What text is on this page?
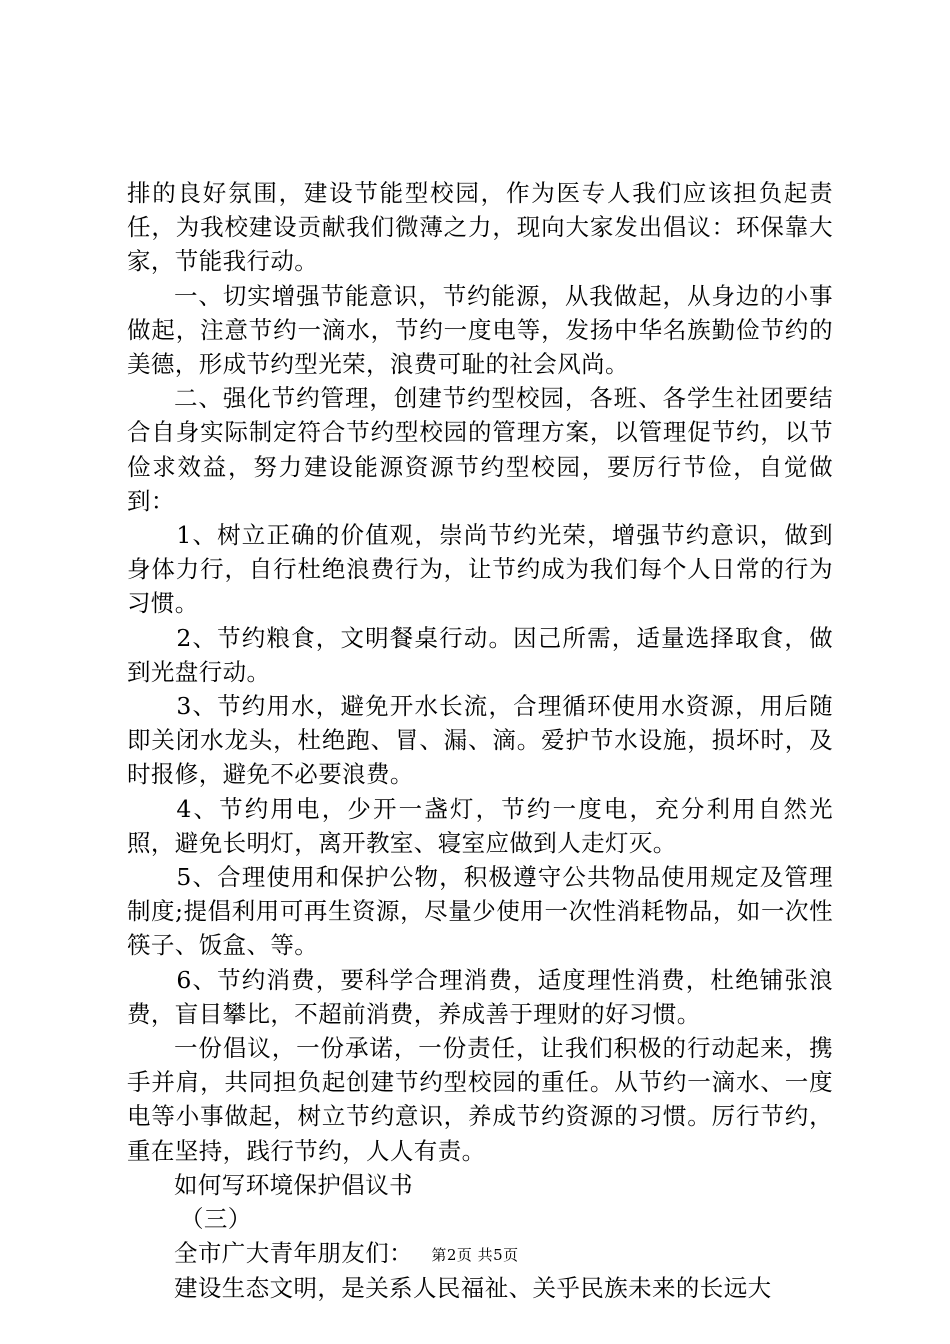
排的良好氛围，建设节能型校园，作为医专人我们应该担负起责任，为我校建设贡献我们微薄之力，现向大家发出倡议：环保靠大家，节能我行动。

一、切实增强节能意识，节约能源，从我做起，从身边的小事做起，注意节约一滴水，节约一度电等，发扬中华名族勤俭节约的美德，形成节约型光荣，浪费可耻的社会风尚。

二、强化节约管理，创建节约型校园，各班、各学生社团要结合自身实际制定符合节约型校园的管理方案，以管理促节约，以节俭求效益，努力建设能源资源节约型校园，要厉行节俭，自觉做到：

1、树立正确的价值观，崇尚节约光荣，增强节约意识，做到身体力行，自行杜绝浪费行为，让节约成为我们每个人日常的行为习惯。

2、节约粮食，文明餐桌行动。因己所需，适量选择取食，做到光盘行动。

3、节约用水，避免开水长流，合理循环使用水资源，用后随即关闭水龙头，杜绝跑、冒、漏、滴。爱护节水设施，损坏时，及时报修，避免不必要浪费。

4、节约用电，少开一盏灯，节约一度电，充分利用自然光照，避免长明灯，离开教室、寝室应做到人走灯灭。

5、合理使用和保护公物，积极遵守公共物品使用规定及管理制度;提倡利用可再生资源，尽量少使用一次性消耗物品，如一次性筷子、饭盒、等。

6、节约消费，要科学合理消费，适度理性消费，杜绝铺张浪费，盲目攀比，不超前消费，养成善于理财的好习惯。

一份倡议，一份承诺，一份责任，让我们积极的行动起来，携手并肩，共同担负起创建节约型校园的重任。从节约一滴水、一度电等小事做起，树立节约意识，养成节约资源的习惯。厉行节约，重在坚持，践行节约，人人有责。

如何写环境保护倡议书

（三）

全市广大青年朋友们：

建设生态文明，是关系人民福祉、关乎民族未来的长远大

第2页 共5页
